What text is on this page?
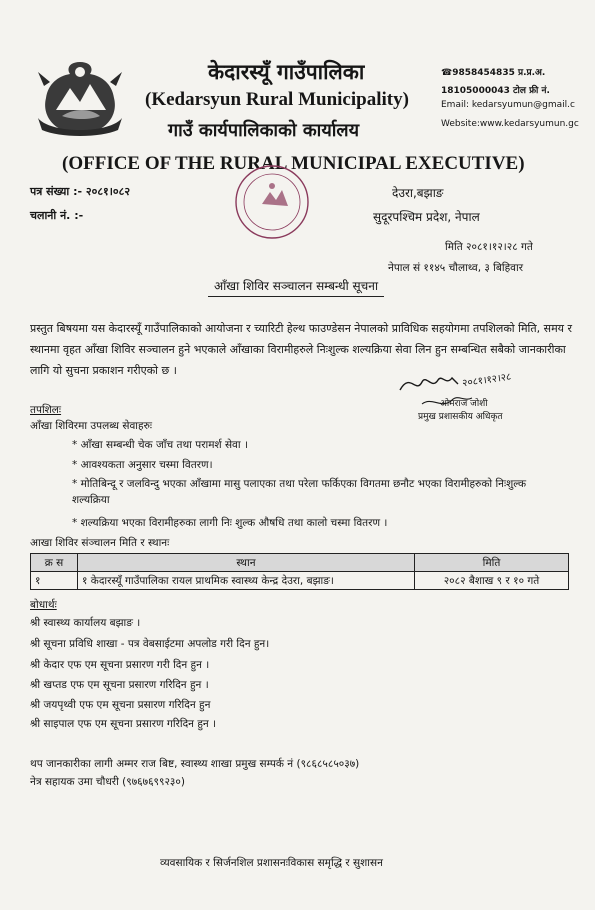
केदारस्यूँ गाउँपालिका
(Kedarsyun Rural Municipality)
गाउँ कार्यपालिकाको कार्यालय
(OFFICE OF THE RURAL MUNICIPAL EXECUTIVE)
☎9858454835 प्र.प्र.अ.
18105000043 टोल फ्री नं.
Email: kedarsyumun@gmail.c
Website:www.kedarsyumun.gc
पत्र संख्या :- २०८१।०८२
चलानी नं. :-
देउरा,बझाङ
सुदूरपश्चिम प्रदेश, नेपाल
मिति २०८१।१२।२८ गते
नेपाल सं ११४५ चौलाथ्व, ३ बिहिवार
आँखा शिविर सञ्चालन सम्बन्धी सूचना
प्रस्तुत बिषयमा यस केदारस्यूँ गाउँपालिकाको आयोजना र च्यारिटी हेल्थ फाउण्डेसन नेपालको प्राविधिक सहयोगमा तपशिलको मिति, समय र स्थानमा वृहत आँखा शिविर सञ्चालन हुने भएकाले आँखाका विरामीहरुले निःशुल्क शल्यक्रिया सेवा लिन हुन सम्बन्धित सबैको जानकारीका लागि यो सुचना प्रकाशन गरीएको छ ।
२०८१।१२।२८
ओमराज जोशी
प्रमुख प्रशासकीय अधिकृत
तपशिलः
आँखा शिविरमा उपलब्ध सेवाहरुः
* आँखा सम्बन्धी चेक जाँच तथा परामर्श सेवा ।
* आवश्यकता अनुसार चस्मा वितरण।
* मोतिबिन्दू र जलविन्दु भएका आँखामा मासु पलाएका तथा परेला फर्किएका विगतमा छनौट भएका विरामीहरुको निःशुल्क शल्यक्रिया
* शल्यक्रिया भएका विरामीहरुका लागी निः शुल्क औषधि तथा कालो चस्मा वितरण ।
आखा शिविर संञ्चालन मिति र स्थानः
क्र स	स्थान	मिति
१	१ केदारस्यूँ गाउँपालिका रायल प्राथमिक स्वास्थ्य केन्द्र देउरा, बझाङ।	२०८२ बैशाख ९ र १० गते
बोधार्थः
श्री स्वास्थ्य कार्यालय बझाङ ।
श्री सूचना प्रविधि शाखा - पत्र वेबसाईटमा अपलोड गरी दिन हुन।
श्री केदार एफ एम सूचना प्रसारण गरी दिन हुन ।
श्री खप्तड एफ एम सूचना प्रसारण गरिदिन हुन ।
श्री जयपृथ्वी एफ एम सूचना प्रसारण गरिदिन हुन
श्री साइपाल एफ एम सूचना प्रसारण गरिदिन हुन ।
थप जानकारीका लागी अम्मर राज बिष्ट, स्वास्थ्य शाखा प्रमुख सम्पर्क नं (९८६८५८५०३७)
नेत्र सहायक उमा चौधरी (९७६७६९९२३०)
व्यवसायिक र सिर्जनशिल प्रशासनःविकास समृद्धि र सुशासन
